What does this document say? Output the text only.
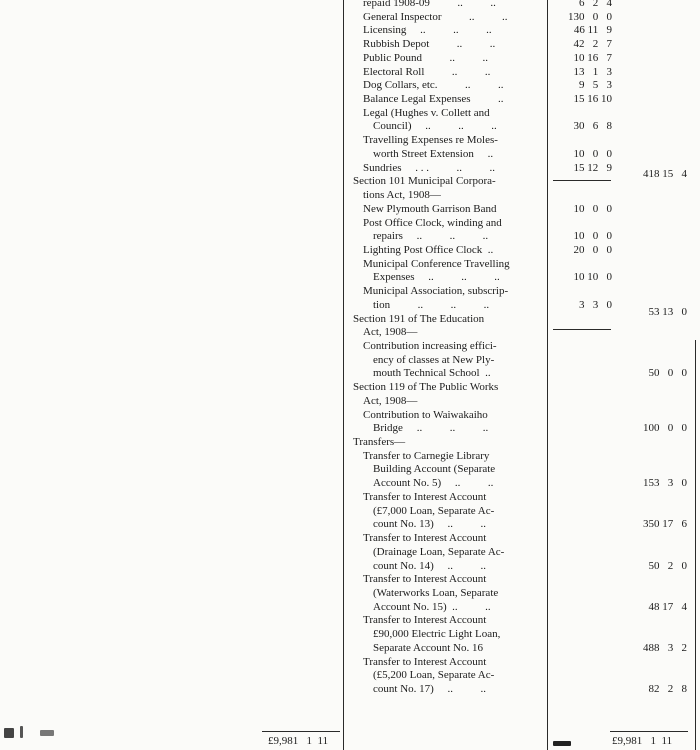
repaid 1908-09          ..          ..
General Inspector          ..          ..
Licensing     ..          ..          ..
Rubbish Depot          ..          ..
Public Pound          ..          ..
Electoral Roll          ..          ..
Dog Collars, etc.          ..          ..
Balance Legal Expenses          ..
Legal (Hughes v. Collett and
Council)     ..          ..          ..
Travelling Expenses re Moles-
worth Street Extension     ..
Sundries     . . .          ..          ..
Section 101 Municipal Corpora-
tions Act, 1908—
New Plymouth Garrison Band
Post Office Clock, winding and
repairs     ..          ..          ..
Lighting Post Office Clock  ..
Municipal Conference Travelling
Expenses     ..          ..          ..
Municipal Association, subscrip-
tion          ..          ..          ..
Section 191 of The Education
Act, 1908—
Contribution increasing effici-
ency of classes at New Ply-
mouth Technical School  ..
Section 119 of The Public Works
Act, 1908—
Contribution to Waiwakaiho
Bridge     ..          ..          ..
Transfers—
Transfer to Carnegie Library
Building Account (Separate
Account No. 5)     ..          ..
Transfer to Interest Account
(£7,000 Loan, Separate Ac-
count No. 13)     ..          ..
Transfer to Interest Account
(Drainage Loan, Separate Ac-
count No. 14)     ..          ..
Transfer to Interest Account
(Waterworks Loan, Separate
Account No. 15)  ..          ..
Transfer to Interest Account
£90,000 Electric Light Loan,
Separate Account No. 16
Transfer to Interest Account
(£5,200 Loan, Separate Ac-
count No. 17)     ..          ..
6   2   4
130   0   0
46 11   9
42   2   7
10 16   7
13   1   3
9   5   3
15 16 10
30   6   8
10   0   0
15 12   9
10   0   0
10   0   0
20   0   0
10 10   0
3   3   0
418 15   4
53 13   0
50   0   0
100   0   0
153   3   0
350 17   6
50   2   0
48 17   4
488   3   2
82   2   8
£9,981   1  11	£9,981   1  11
